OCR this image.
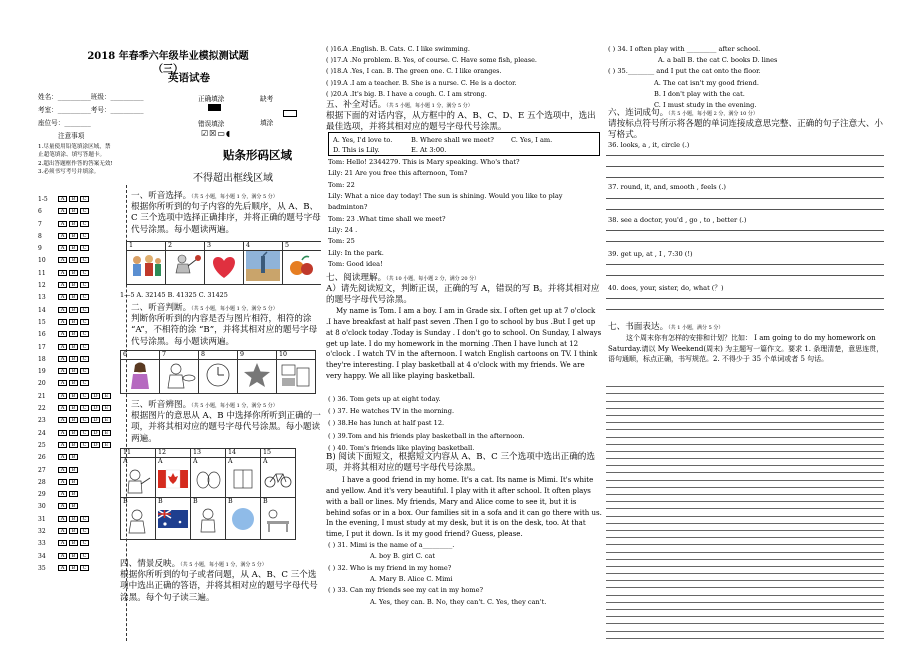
2018 年春季六年级毕业模拟测试题（三）
英语试卷
姓名：__________班级：__________
考室：__________考号：__________
座位号：________
注意事项
1.尽量使用铅笔填涂区域，禁止超笔填涂、填写答题卡。
2.超出答题框作答的答案无效!
3.必须书写考号并填涂。
正确填涂
错误填涂
☑☒▭◖
缺考
填涂
贴条形码区域
不得超出框线区域
1-5	A B C
6	A B C
7	A B C
8	A B C
9	A B C
10	A B C
11	A B C
12	A B C
13	A B C
14	A B C
15	A B C
16	A B C
17	A B C
18	A B C
19	A B C
20	A B C
21	A B C D E
22	A B C D E
23	A B C D E
24	A B C D E
25	A B C D E
26	A B
27	A B
28	A B
29	A B
30	A B
31	A B C
32	A B C
33	A B C
34	A B C
35	A B C
一、听音选择。（共 5 小题，每小题 1 分，满分 5 分）
根据你所听到的句子内容的先后顺序，从 A、B、C 三个选项中选择正确排序，并将正确的题号字母代号涂黑。每小题读两遍。
1	2	3	4	5

1—5 A. 32145 B. 41325 C. 31425
二、听音判断。（共 5 小题，每小题 1 分，满分 5 分）
判断你所听到的内容是否与图片相符，相符的涂 “A”，不相符的涂 “B”，并将其相对应的题号字母代号涂黑。每小题读两遍。
6	7	8	9	10

三、听音辨图。（共 5 小题，每小题 1 分，满分 5 分）
根据图片的意思从 A、B 中选择你所听到正确的一项，并将其相对应的题号字母代号涂黑。每小题读两遍。
11	12	13	14	15

A	A	A	A	A

B	B	B	B	B
四、情景反映。（共 5 小题，每小题 1 分，满分 5 分）
根据你所听到的句子或者问题，从 A、B、C 三个选项中选出正确的答语，并将其相对应的题号字母代号涂黑。每个句子读三遍。
( )16.A .English. B. Cats. C. I like swimming.
( )17.A .No problem. B. Yes, of course. C. Have some fish, please.
( )18.A .Yes, I can. B. The green one. C. I like oranges.
( )19.A .I am a teacher. B. She is a nurse. C. He is a doctor.
( )20.A .It's big. B. I have a cough. C. I am strong.
五、补全对话。（共 5 小题，每小题 1 分，满分 5 分）
根据下面的对话内容，从方框中的 A、B、C、D、E 五个选项中，选出最佳选项，并将其相对应的题号字母代号涂黑。
A. Yes, I'd love to.	B. Where shall we meet?	C. Yes, I am.
D. This is Lily.	E. At 3:00.
Tom: Hello! 2344279. This is Mary speaking. Who's that?
Lily: 21 Are you free this afternoon, Tom?
Tom: 22
Lily: What a nice day today! The sun is shining. Would you like to play badminton?
Tom: 23 .What time shall we meet?
Lily: 24 .
Tom: 25
Lily: In the park.
Tom: Good idea!
七、阅读理解。（共 10 小题，每小题 2 分，满分 20 分）
A）请先阅读短文，判断正误，正确的写 A，错误的写 B。并将其相对应的题号字母代号涂黑。
My name is Tom. I am a boy. I am in Grade six. I often get up at 7 o'clock .I have breakfast at half past seven .Then I go to school by bus .But I get up at 8 o'clock today .Today is Sunday . I don't go to school. On Sunday, I always get up late. I do my homework in the morning .Then I have lunch at 12 o'clock . I watch TV in the afternoon. I watch English cartoons on TV. I think they're interesting. I play basketball at 4 o'clock with my friends. We are very happy. We all like playing basketball.
( ) 36. Tom gets up at eight today.
( ) 37. He watches TV in the morning.
( ) 38.He has lunch at half past 12.
( ) 39.Tom and his friends play basketball in the afternoon.
( ) 40. Tom's friends like playing basketball.
B) 阅读下面短文，根据短文内容从 A、B、C 三个选项中选出正确的选项，并将其相对应的题号字母代号涂黑。
I have a good friend in my home. It's a cat. Its name is Mimi. It's white and yellow. And it's very beautiful. I play with it after school. It often plays with a ball or lines. My friends, Mary and Alice come to see it, but it is behind sofas or in a box. Our families sit in a sofa and it can go there with us. In the evening, I must study at my desk, but it is on the desk, too. At that time, I put it down. Is it my good friend? Guess, please.
( ) 31. Mimi is the name of a_________.
A. boy B. girl C. cat
( ) 32. Who is my friend in my home?
A. Mary B. Alice C. Mimi
( ) 33. Can my friends see my cat in my home?
A. Yes, they can. B. No, they can't. C. Yes, they can't.
( ) 34. I often play with _________ after school.
A. a ball B. the cat C. books D. lines
( ) 35.________ and I put the cat onto the floor.
A. The cat isn't my good friend.
B. I don't play with the cat.
C. I must study in the evening.
六、连词成句。（共 5 小题，每小题 2 分，满分 10 分）
请按标点符号所示将各题的单词连接成意思完整、正确的句子注意大、小写格式。
36. looks, a , it, circle (.)
37. round, it, and, smooth , feels (.)
38. see a doctor, you'd , go , to , better (.)
39. get up, at , I , 7:30 (!)
40. does, your, sister, do, what (？)
七、书面表达。（共 1 小题，满分 5 分）
这个周末你有怎样的安排和计划？比如： I am going to do my homework on Saturday.请以 My Weekend(周末) 为主题写一篇作文。要求 1. 条理清楚，意思连贯，语句通顺，标点正确，书写规范。2. 不得少于 35 个单词或者 5 句话。
